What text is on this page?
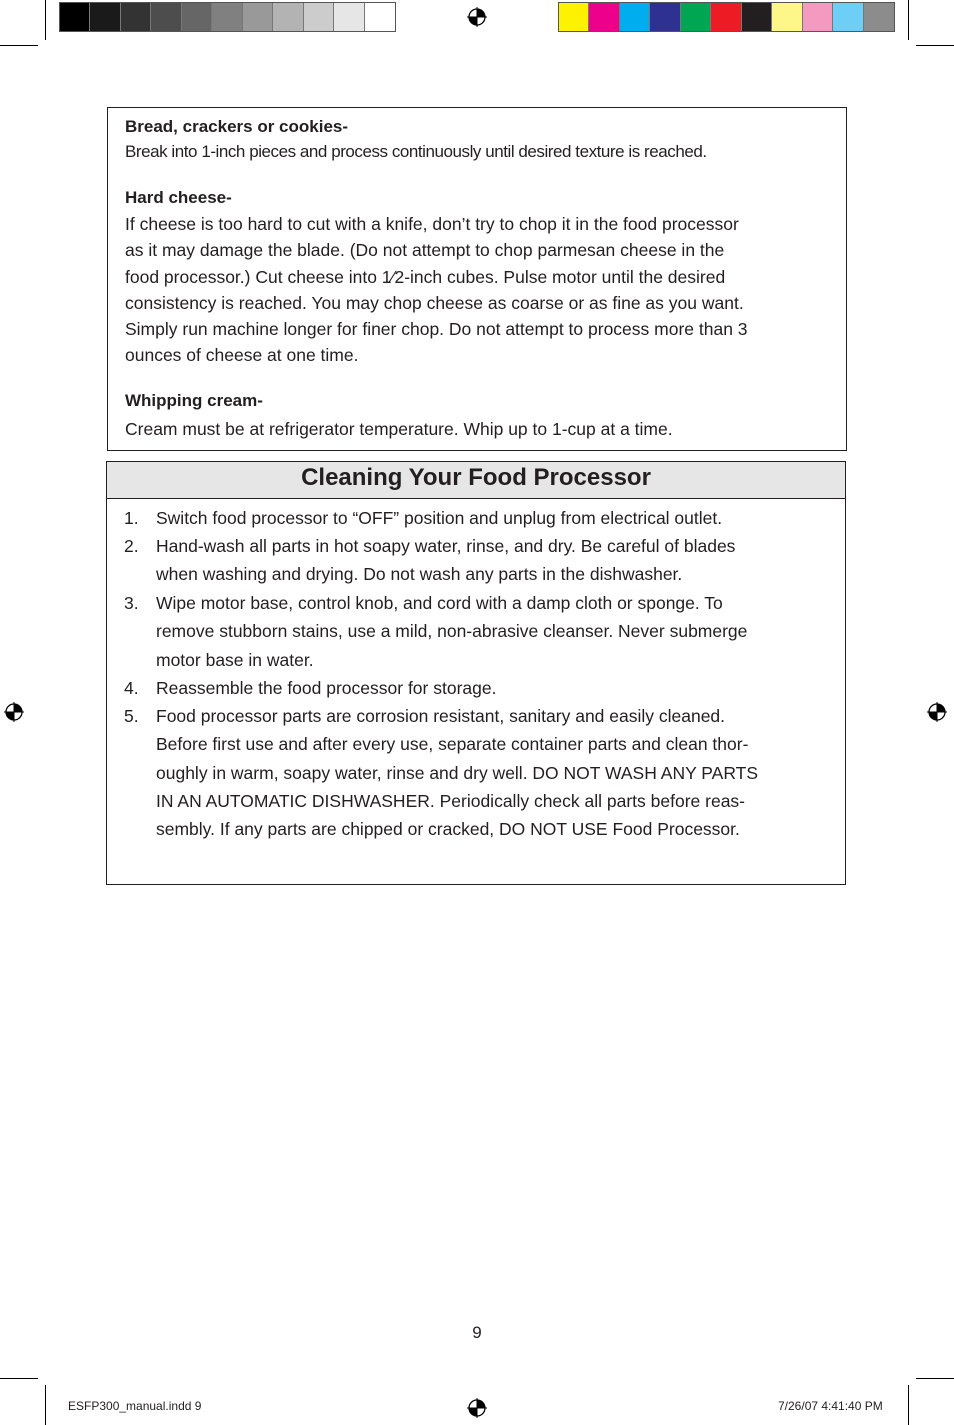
Bread, crackers or cookies-
Break into 1-inch pieces and process continuously until desired texture is reached.
Hard cheese-
If cheese is too hard to cut with a knife, don’t try to chop it in the food processor
as it may damage the blade. (Do not attempt to chop parmesan cheese in the
food processor.) Cut cheese into 1⁄2-inch cubes. Pulse motor until the desired
consistency is reached. You may chop cheese as coarse or as fine as you want.
Simply run machine longer for finer chop. Do not attempt to process more than 3
ounces of cheese at one time.
Whipping cream-
Cream must be at refrigerator temperature. Whip up to 1-cup at a time.
Cleaning Your Food Processor
1. Switch food processor to “OFF” position and unplug from electrical outlet.
2. Hand-wash all parts in hot soapy water, rinse, and dry. Be careful of blades
when washing and drying. Do not wash any parts in the dishwasher.
3. Wipe motor base, control knob, and cord with a damp cloth or sponge. To
remove stubborn stains, use a mild, non-abrasive cleanser. Never submerge
motor base in water.
4. Reassemble the food processor for storage.
5. Food processor parts are corrosion resistant, sanitary and easily cleaned.
Before first use and after every use, separate container parts and clean thor-
oughly in warm, soapy water, rinse and dry well. DO NOT WASH ANY PARTS
IN AN AUTOMATIC DISHWASHER. Periodically check all parts before reas-
sembly. If any parts are chipped or cracked, DO NOT USE Food Processor.
9
ESFP300_manual.indd 9	7/26/07 4:41:40 PM
